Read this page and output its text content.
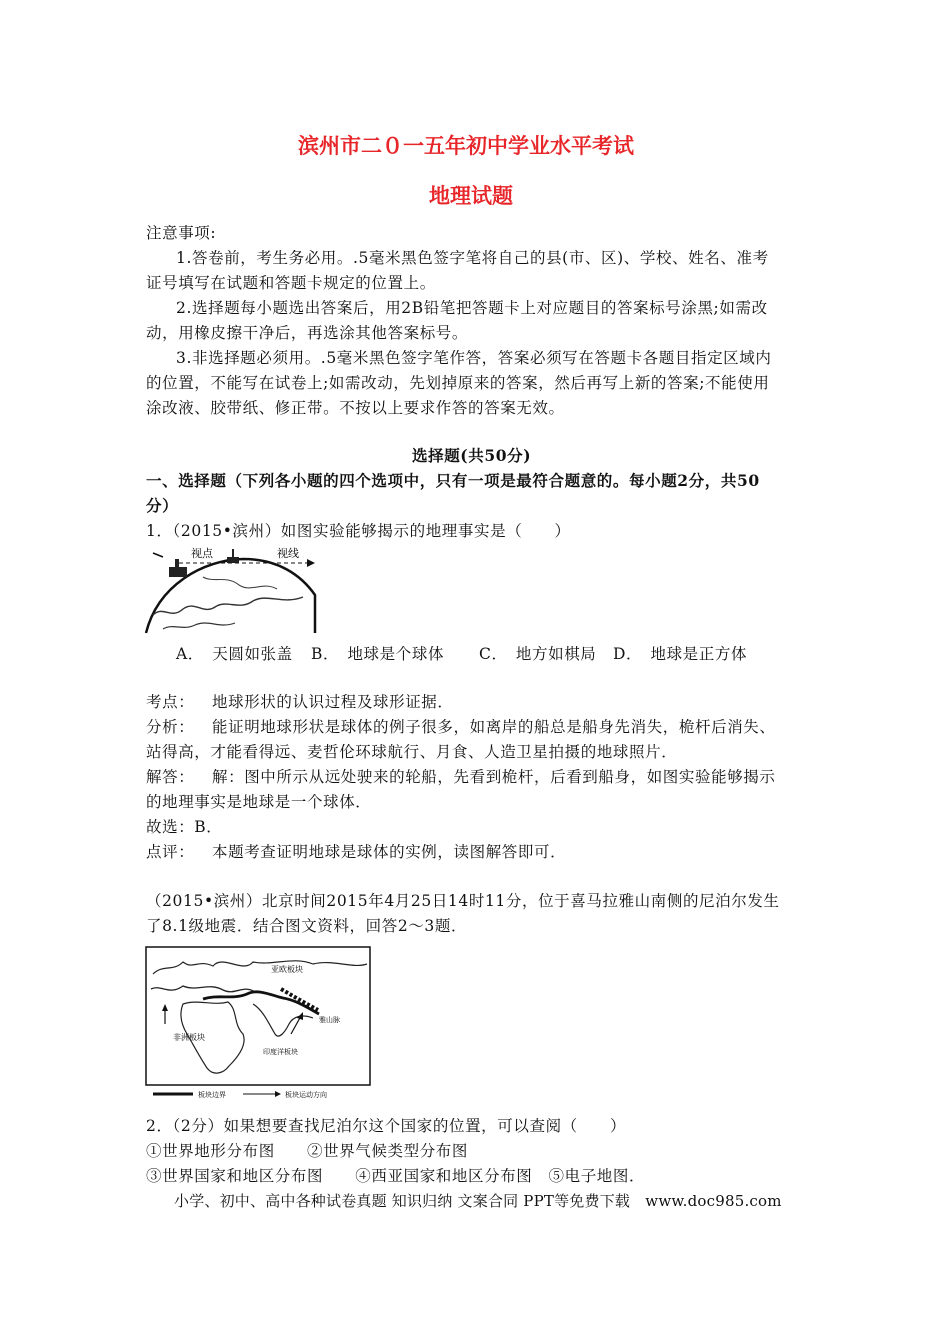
滨州市二０一五年初中学业水平考试
地理试题
注意事项:
1.答卷前，考生务必用。.5毫米黑色签字笔将自己的县(市、区)、学校、姓名、准考
证号填写在试题和答题卡规定的位置上。
2.选择题每小题选出答案后，用2B铅笔把答题卡上对应题目的答案标号涂黑;如需改
动，用橡皮擦干净后，再选涂其他答案标号。
3.非选择题必须用。.5毫米黑色签字笔作答，答案必须写在答题卡各题目指定区域内
的位置，不能写在试卷上;如需改动，先划掉原来的答案，然后再写上新的答案;不能使用
涂改液、胶带纸、修正带。不按以上要求作答的答案无效。
选择题(共50分)
一、选择题（下列各小题的四个选项中，只有一项是最符合题意的。每小题2分，共50
分）
1．（2015•滨州）如图实验能够揭示的地理事实是（　　）
视点	视线
A．　天圆如张盖 B．　地球是个球体 C．　地方如棋局 D．　地球是正方体
考点： 地球形状的认识过程及球形证据．
分析： 能证明地球形状是球体的例子很多，如离岸的船总是船身先消失，桅杆后消失、
站得高，才能看得远、麦哲伦环球航行、月食、人造卫星拍摄的地球照片．
解答： 解：图中所示从远处驶来的轮船，先看到桅杆，后看到船身，如图实验能够揭示
的地理事实是地球是一个球体．
故选：B．
点评： 本题考查证明地球是球体的实例，读图解答即可．
（2015•滨州）北京时间2015年4月25日14时11分，位于喜马拉雅山南侧的尼泊尔发生
了8.1级地震．结合图文资料，回答2～3题．
亚欧板块
非洲板块
印度洋板块
雅山脉
板块边界	板块运动方向
2．（2分）如果想要查找尼泊尔这个国家的位置，可以查阅（　　）
①世界地形分布图　　②世界气候类型分布图
③世界国家和地区分布图　　④西亚国家和地区分布图　⑤电子地图．
小学、初中、高中各种试卷真题 知识归纳 文案合同 PPT等免费下载　www.doc985.com
